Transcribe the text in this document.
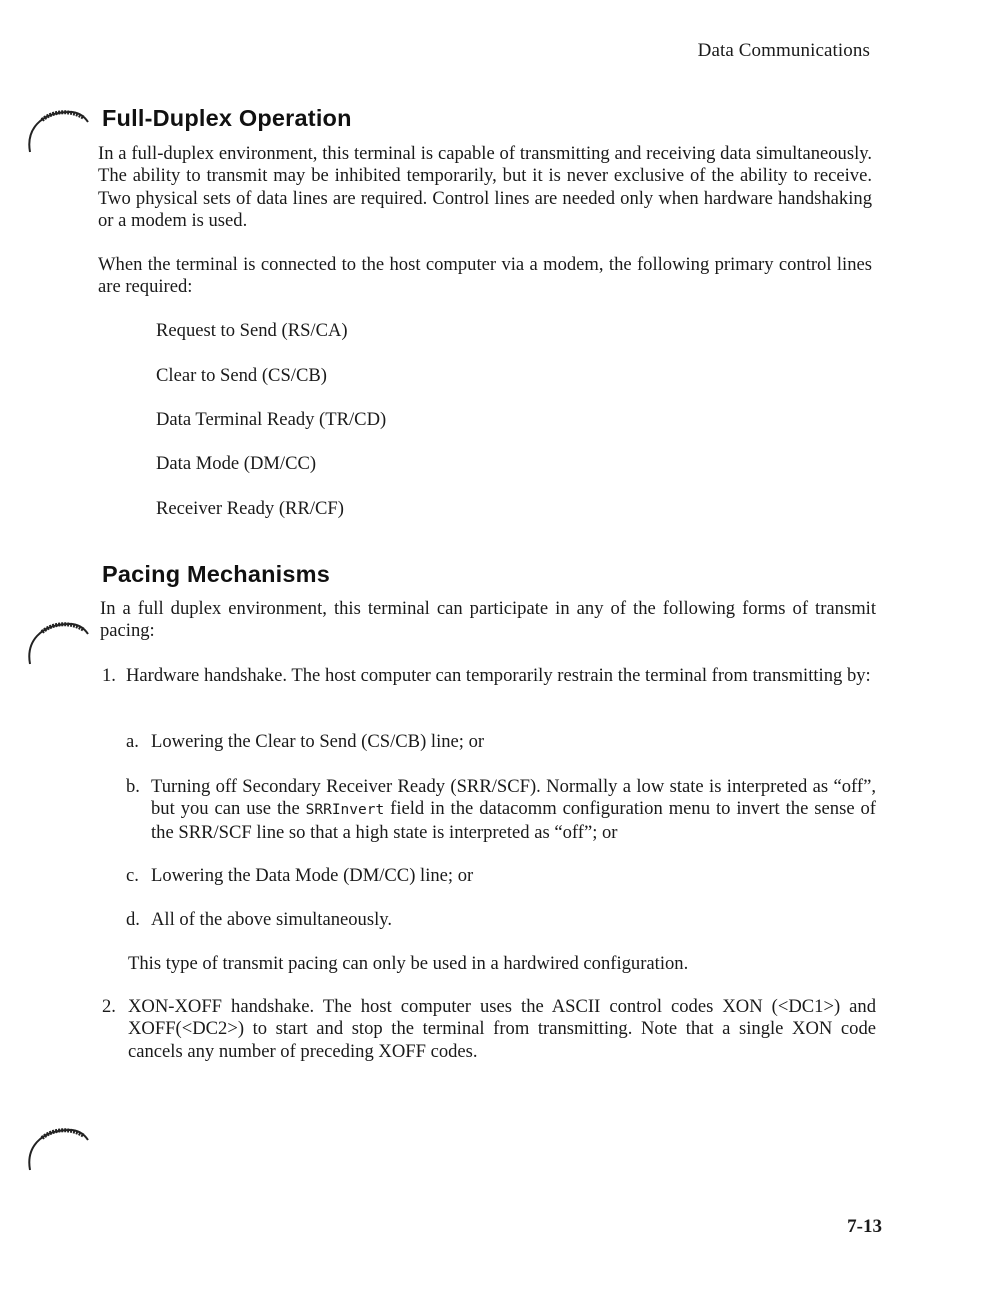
Data Communications
Full-Duplex Operation
In a full-duplex environment, this terminal is capable of transmitting and receiving data simultaneously. The ability to transmit may be inhibited temporarily, but it is never exclusive of the ability to receive. Two physical sets of data lines are required. Control lines are needed only when hardware handshaking or a modem is used.
When the terminal is connected to the host computer via a modem, the following primary control lines are required:
Request to Send (RS/CA)
Clear to Send (CS/CB)
Data Terminal Ready (TR/CD)
Data Mode (DM/CC)
Receiver Ready (RR/CF)
Pacing Mechanisms
In a full duplex environment, this terminal can participate in any of the following forms of transmit pacing:
1. Hardware handshake. The host computer can temporarily restrain the terminal from transmitting by:
a. Lowering the Clear to Send (CS/CB) line; or
b. Turning off Secondary Receiver Ready (SRR/SCF). Normally a low state is interpreted as “off”, but you can use the SRRInvert field in the datacomm configuration menu to invert the sense of the SRR/SCF line so that a high state is interpreted as “off”; or
c. Lowering the Data Mode (DM/CC) line; or
d. All of the above simultaneously.
This type of transmit pacing can only be used in a hardwired configuration.
2. XON-XOFF handshake. The host computer uses the ASCII control codes XON (<DC1>) and XOFF(<DC2>) to start and stop the terminal from transmitting. Note that a single XON code cancels any number of preceding XOFF codes.
7-13
